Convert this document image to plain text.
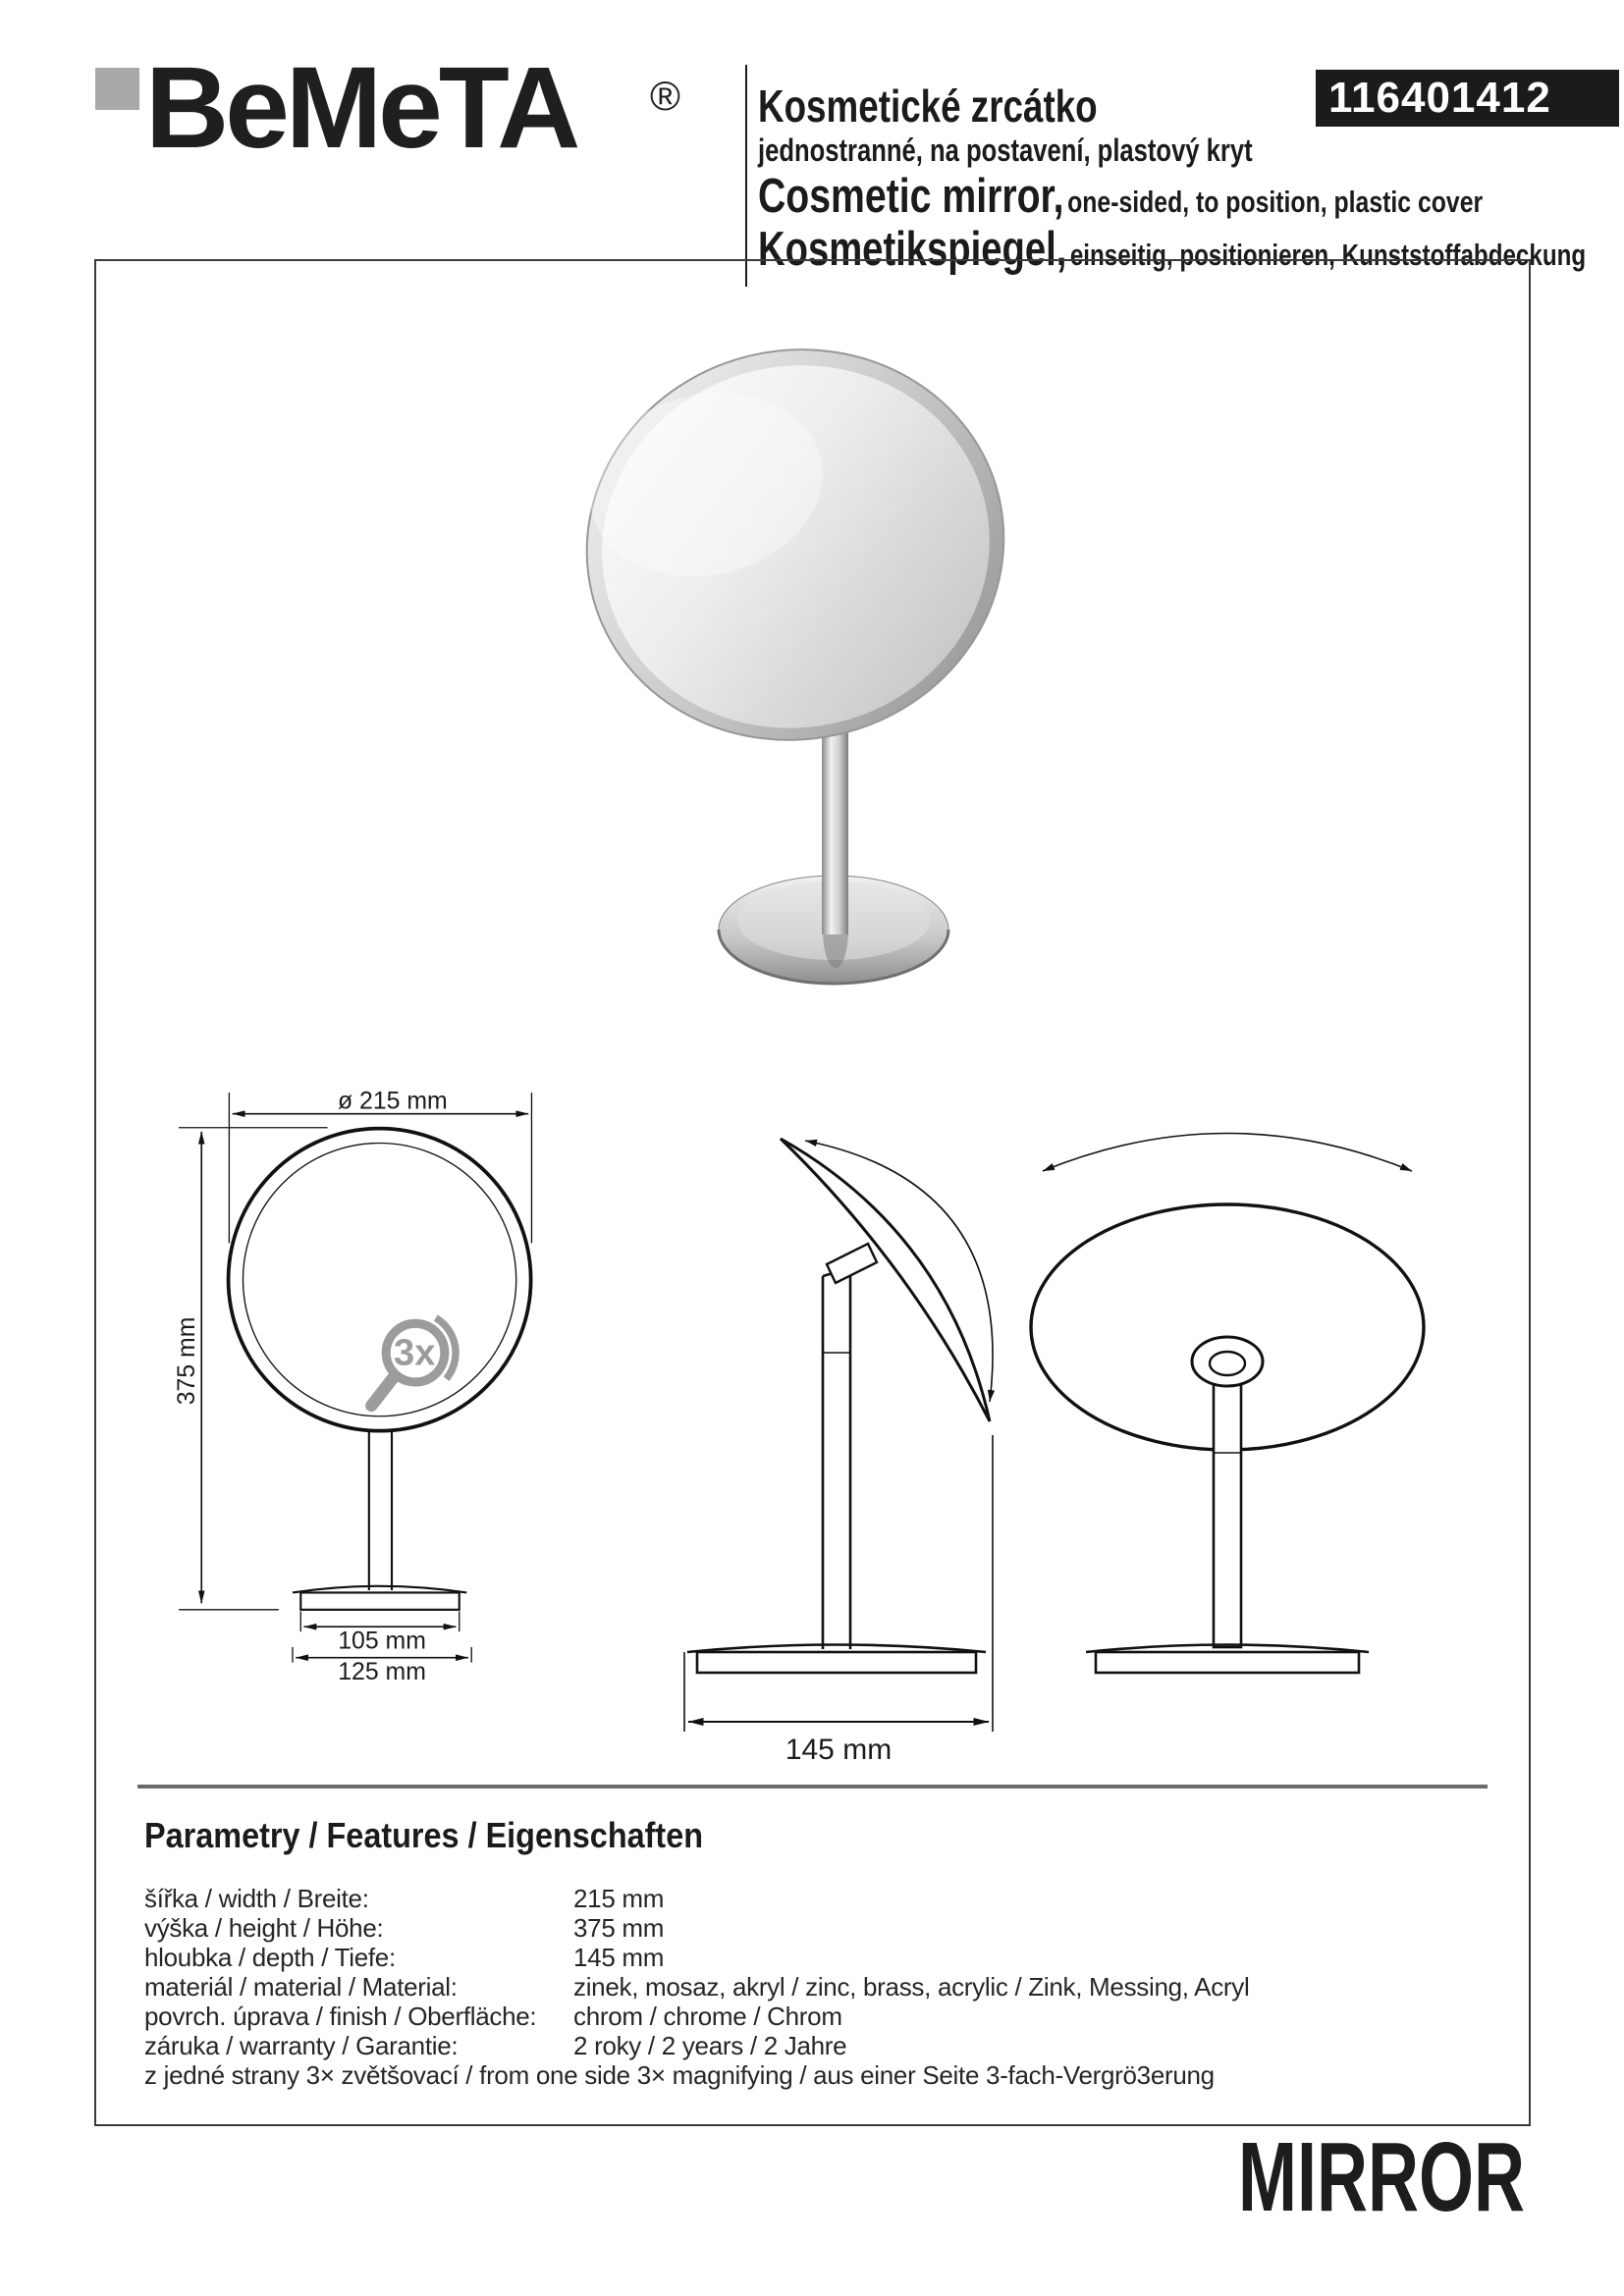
BeMeTA ® Kosmetické zrcátko
jednostranné, na postavení, plastový kryt
Cosmetic mirror, one-sided, to position, plastic cover
Kosmetikspiegel, einseitig, positionieren, Kunststoffabdeckung
116401412
3x
ø 215 mm
375 mm
105 mm
125 mm
145 mm
Parametry / Features / Eigenschaften
šířka / width / Breite:	215 mm
výška / height / Höhe:	375 mm
hloubka / depth / Tiefe:	145 mm
materiál / material / Material:	zinek, mosaz, akryl / zinc, brass, acrylic / Zink, Messing, Acryl
povrch. úprava / finish / Oberfläche: chrom / chrome / Chrom
záruka / warranty / Garantie:	2 roky / 2 years / 2 Jahre
z jedné strany 3× zvětšovací / from one side 3× magnifying / aus einer Seite 3-fach-Vergrö3erung
MIRROR
